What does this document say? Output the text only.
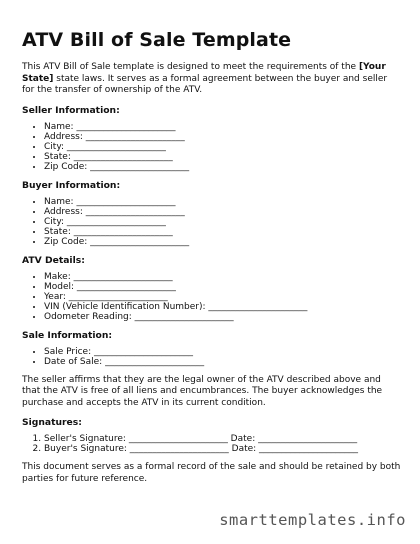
ATV Bill of Sale Template

This ATV Bill of Sale template is designed to meet the requirements of the [Your State] state laws. It serves as a formal agreement between the buyer and seller for the transfer of ownership of the ATV.

Seller Information:
• Name: ______________________
• Address: ______________________
• City: ______________________
• State: ______________________
• Zip Code: ______________________
Buyer Information:
• Name: ______________________
• Address: ______________________
• City: ______________________
• State: ______________________
• Zip Code: ______________________
ATV Details:
• Make: ______________________
• Model: ______________________
• Year: ______________________
• VIN (Vehicle Identification Number): ______________________
• Odometer Reading: ______________________
Sale Information:
• Sale Price: ______________________
• Date of Sale: ______________________

The seller affirms that they are the legal owner of the ATV described above and that the ATV is free of all liens and encumbrances. The buyer acknowledges the purchase and accepts the ATV in its current condition.

Signatures:
1. Seller's Signature: ______________________ Date: ______________________
2. Buyer's Signature: ______________________ Date: ______________________

This document serves as a formal record of the sale and should be retained by both parties for future reference.

smarttemplates.info
